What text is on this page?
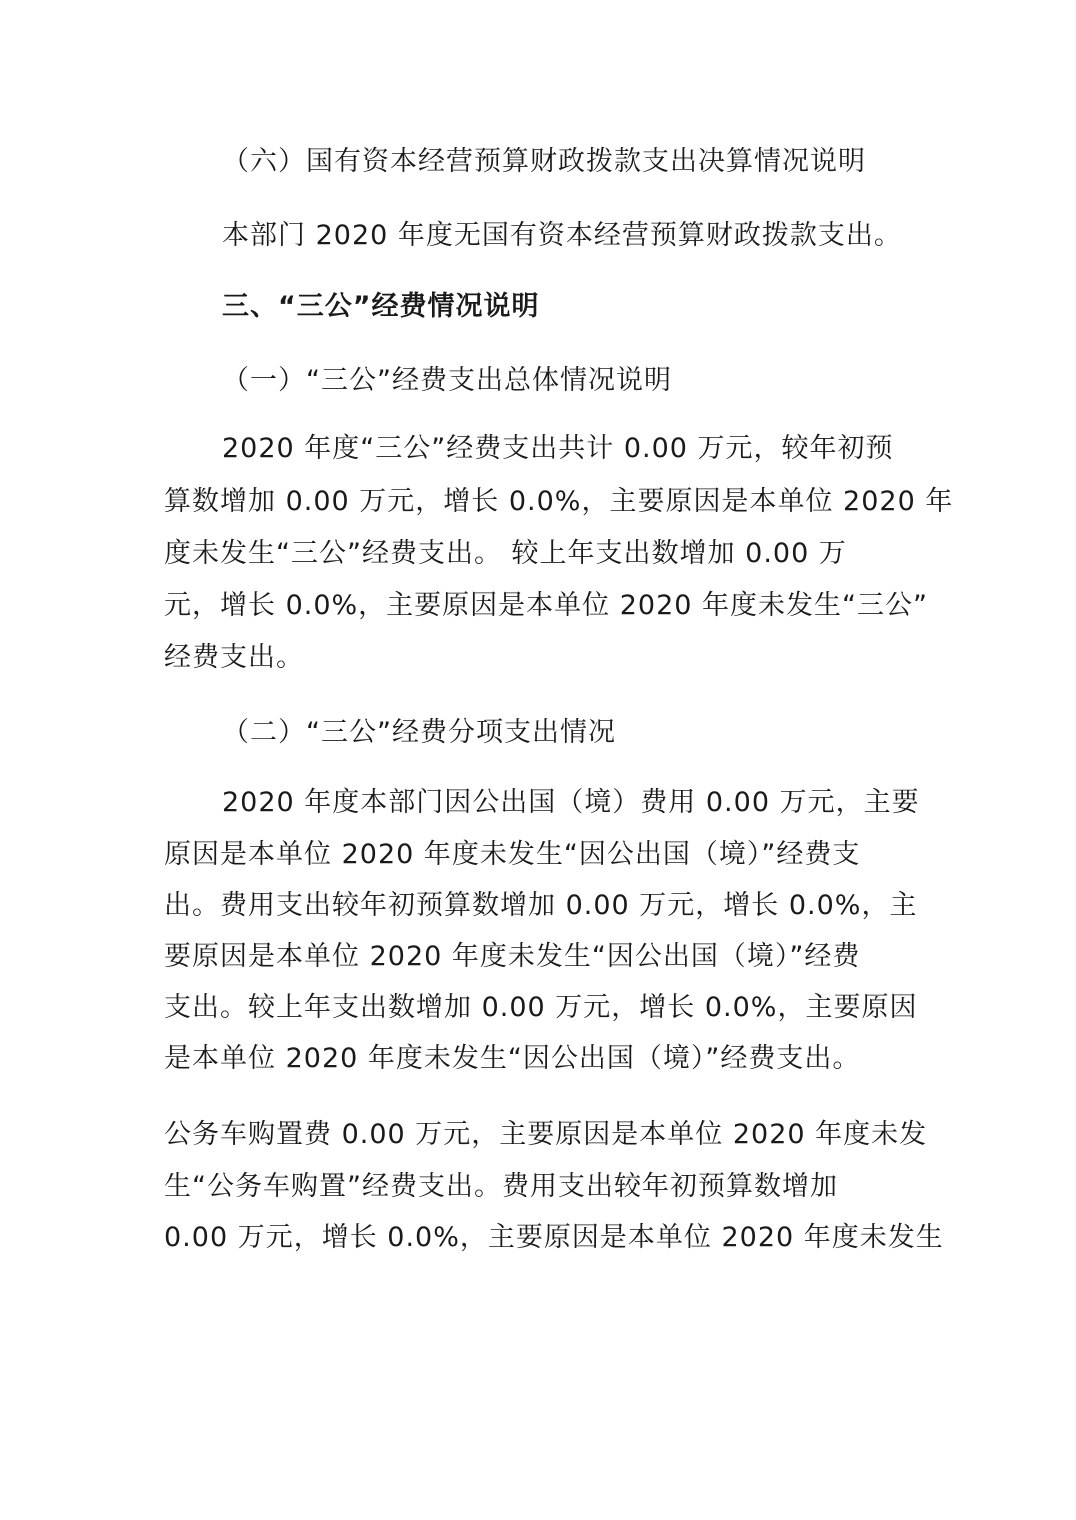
（六）国有资本经营预算财政拨款支出决算情况说明
本部门 2020 年度无国有资本经营预算财政拨款支出。
三、“三公”经费情况说明
（一）“三公”经费支出总体情况说明
2020 年度“三公”经费支出共计 0.00 万元，较年初预
算数增加 0.00 万元，增长 0.0%，主要原因是本单位 2020 年
度未发生“三公”经费支出。 较上年支出数增加 0.00 万
元，增长 0.0%，主要原因是本单位 2020 年度未发生“三公”
经费支出。
（二）“三公”经费分项支出情况
2020 年度本部门因公出国（境）费用 0.00 万元，主要
原因是本单位 2020 年度未发生“因公出国（境）”经费支
出。费用支出较年初预算数增加 0.00 万元，增长 0.0%，主
要原因是本单位 2020 年度未发生“因公出国（境）”经费
支出。较上年支出数增加 0.00 万元，增长 0.0%，主要原因
是本单位 2020 年度未发生“因公出国（境）”经费支出。
公务车购置费 0.00 万元，主要原因是本单位 2020 年度未发
生“公务车购置”经费支出。费用支出较年初预算数增加
0.00 万元，增长 0.0%，主要原因是本单位 2020 年度未发生
